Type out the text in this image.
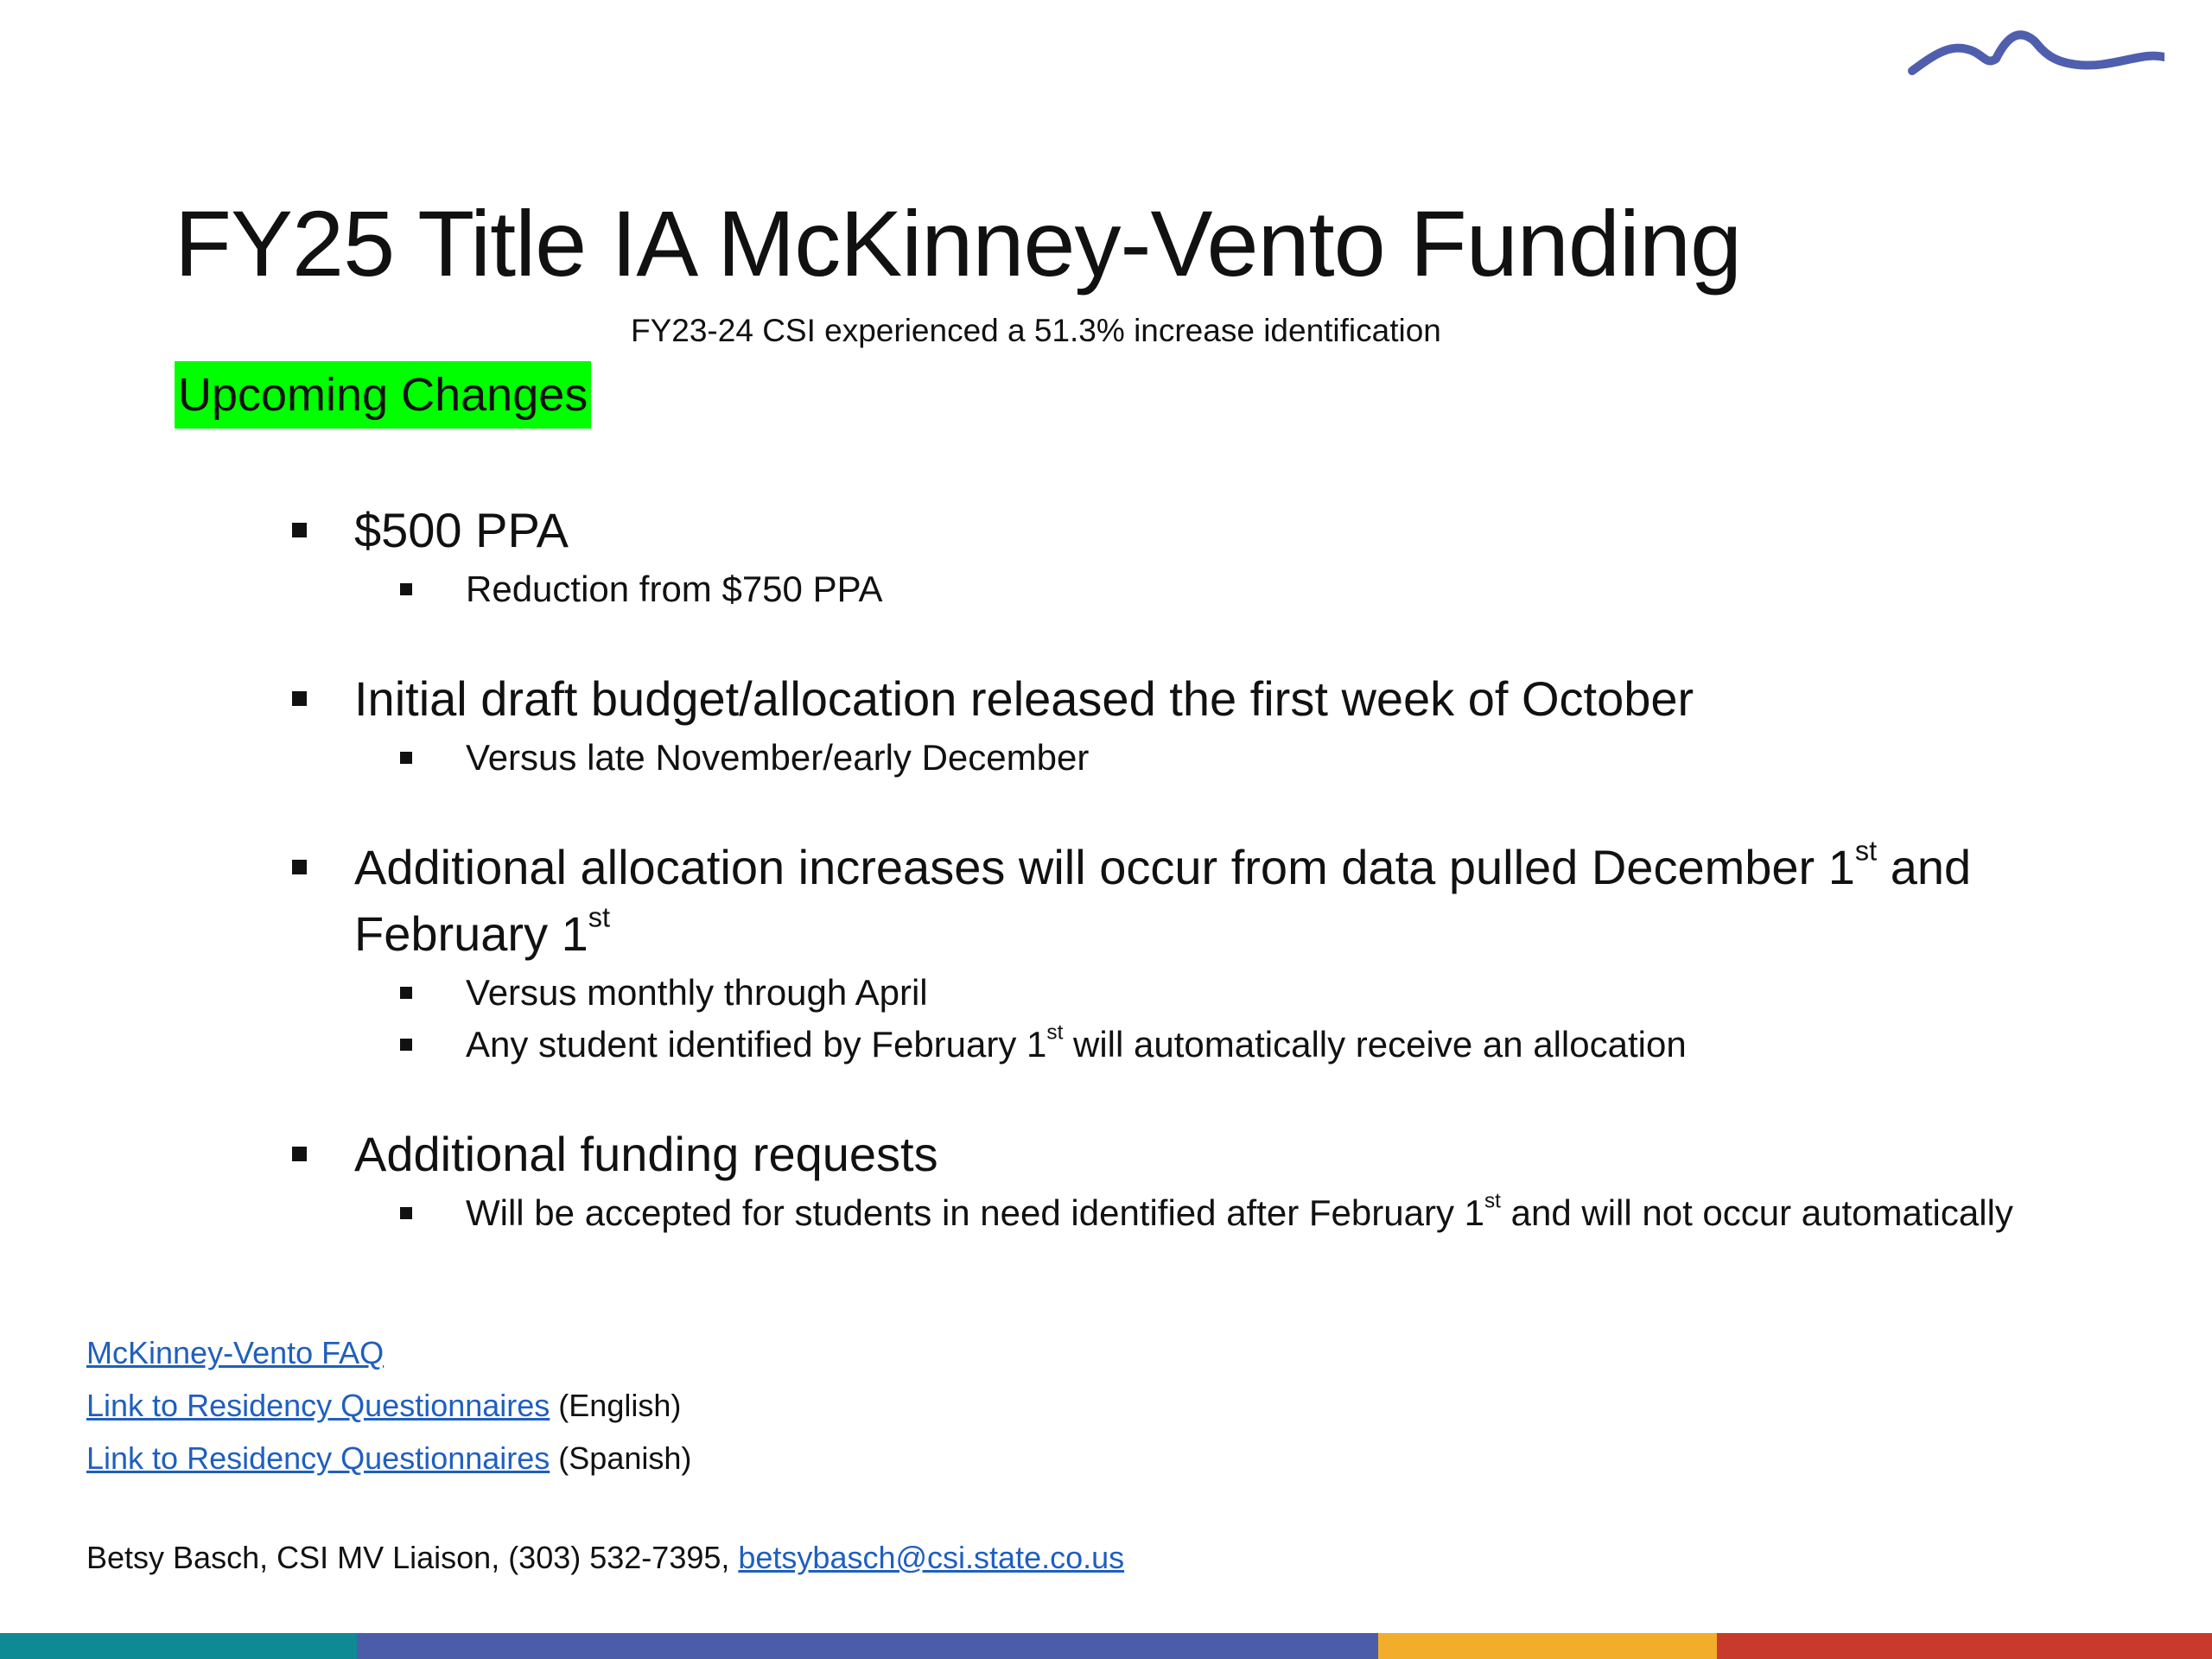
FY25 Title IA McKinney-Vento Funding
FY23-24 CSI experienced a 51.3% increase identification
Upcoming Changes
$500 PPA
Reduction from $750 PPA
Initial draft budget/allocation released the first week of October
Versus late November/early December
Additional allocation increases will occur from data pulled December 1st and February 1st
Versus monthly through April
Any student identified by February 1st will automatically receive an allocation
Additional funding requests
Will be accepted for students in need identified after February 1st and will not occur automatically
McKinney-Vento FAQ
Link to Residency Questionnaires (English)
Link to Residency Questionnaires (Spanish)
Betsy Basch, CSI MV Liaison, (303) 532-7395, betsybasch@csi.state.co.us
